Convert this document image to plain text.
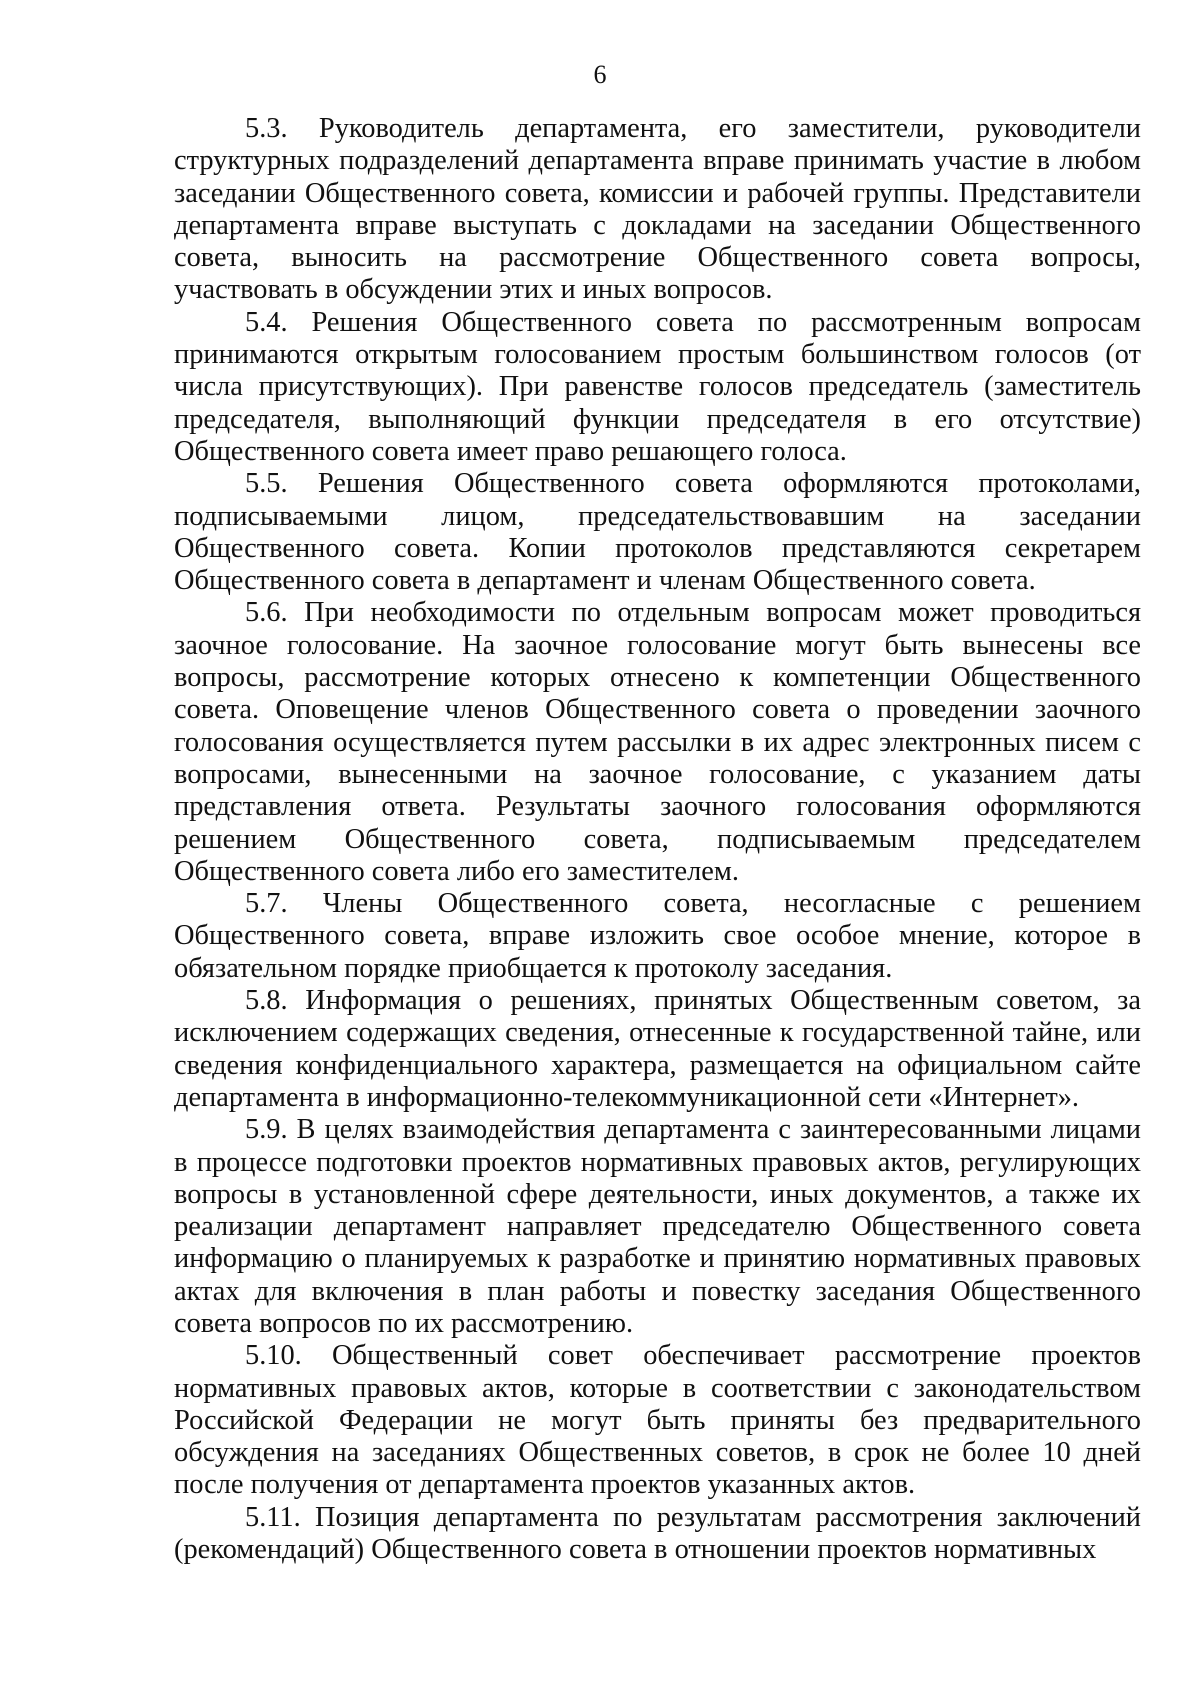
6

5.3. Руководитель департамента, его заместители, руководители структурных подразделений департамента вправе принимать участие в любом заседании Общественного совета, комиссии и рабочей группы. Представители департамента вправе выступать с докладами на заседании Общественного совета, выносить на рассмотрение Общественного совета вопросы, участвовать в обсуждении этих и иных вопросов.

5.4. Решения Общественного совета по рассмотренным вопросам принимаются открытым голосованием простым большинством голосов (от числа присутствующих). При равенстве голосов председатель (заместитель председателя, выполняющий функции председателя в его отсутствие) Общественного совета имеет право решающего голоса.

5.5. Решения Общественного совета оформляются протоколами, подписываемыми лицом, председательствовавшим на заседании Общественного совета. Копии протоколов представляются секретарем Общественного совета в департамент и членам Общественного совета.

5.6. При необходимости по отдельным вопросам может проводиться заочное голосование. На заочное голосование могут быть вынесены все вопросы, рассмотрение которых отнесено к компетенции Общественного совета. Оповещение членов Общественного совета о проведении заочного голосования осуществляется путем рассылки в их адрес электронных писем с вопросами, вынесенными на заочное голосование, с указанием даты представления ответа. Результаты заочного голосования оформляются решением Общественного совета, подписываемым председателем Общественного совета либо его заместителем.

5.7. Члены Общественного совета, несогласные с решением Общественного совета, вправе изложить свое особое мнение, которое в обязательном порядке приобщается к протоколу заседания.

5.8. Информация о решениях, принятых Общественным советом, за исключением содержащих сведения, отнесенные к государственной тайне, или сведения конфиденциального характера, размещается на официальном сайте департамента в информационно-телекоммуникационной сети «Интернет».

5.9. В целях взаимодействия департамента с заинтересованными лицами в процессе подготовки проектов нормативных правовых актов, регулирующих вопросы в установленной сфере деятельности, иных документов, а также их реализации департамент направляет председателю Общественного совета информацию о планируемых к разработке и принятию нормативных правовых актах для включения в план работы и повестку заседания Общественного совета вопросов по их рассмотрению.

5.10. Общественный совет обеспечивает рассмотрение проектов нормативных правовых актов, которые в соответствии с законодательством Российской Федерации не могут быть приняты без предварительного обсуждения на заседаниях Общественных советов, в срок не более 10 дней после получения от департамента проектов указанных актов.

5.11. Позиция департамента по результатам рассмотрения заключений (рекомендаций) Общественного совета в отношении проектов нормативных
